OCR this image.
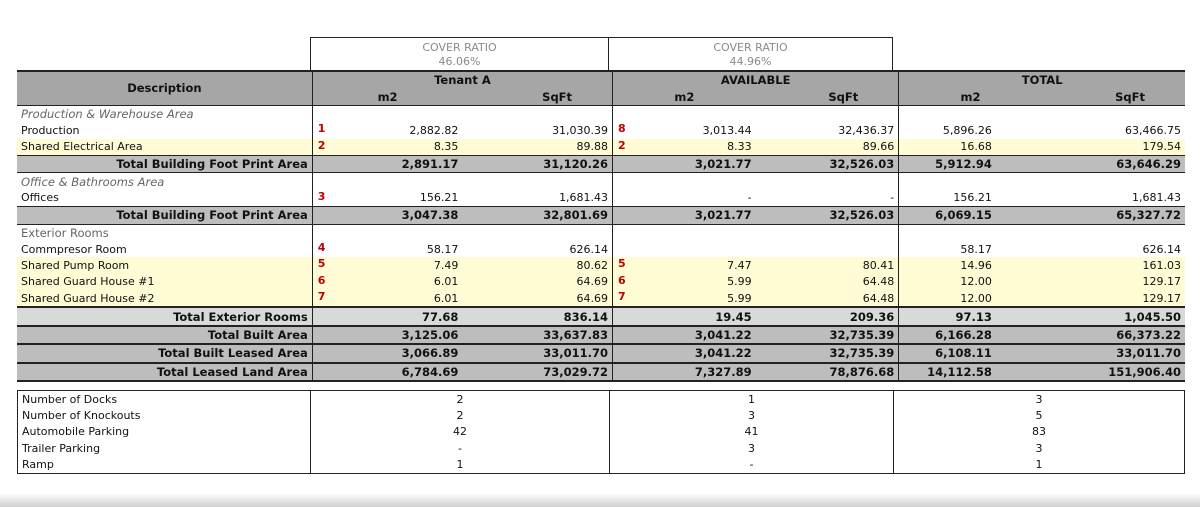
COVER RATIO
46.06%
COVER RATIO
44.96%
Description	Tenant A		AVAILABLE		TOTAL	
	m2	SqFt	m2	SqFt	m2	SqFt
Production & Warehouse Area						
Production	1 2,882.82	31,030.39	8 3,013.44	32,436.37	5,896.26	63,466.75
Shared Electrical Area	2 8.35	89.88	2 8.33	89.66	16.68	179.54
Total Building Foot Print Area	2,891.17	31,120.26	3,021.77	32,526.03	5,912.94	63,646.29
Office & Bathrooms Area						
Offices	3 156.21	1,681.43	-	-	156.21	1,681.43
Total Building Foot Print Area	3,047.38	32,801.69	3,021.77	32,526.03	6,069.15	65,327.72
Exterior Rooms						
Commpresor Room	4 58.17	626.14			58.17	626.14
Shared Pump Room	5 7.49	80.62	5 7.47	80.41	14.96	161.03
Shared Guard House #1	6 6.01	64.69	6 5.99	64.48	12.00	129.17
Shared Guard House #2	7 6.01	64.69	7 5.99	64.48	12.00	129.17
Total Exterior Rooms	77.68	836.14	19.45	209.36	97.13	1,045.50
Total Built Area	3,125.06	33,637.83	3,041.22	32,735.39	6,166.28	66,373.22
Total Built Leased Area	3,066.89	33,011.70	3,041.22	32,735.39	6,108.11	33,011.70
Total Leased Land Area	6,784.69	73,029.72	7,327.89	78,876.68	14,112.58	151,906.40
Number of Docks	2	1	3
Number of Knockouts	2	3	5
Automobile Parking	42	41	83
Trailer Parking	-	3	3
Ramp	1	-	1
